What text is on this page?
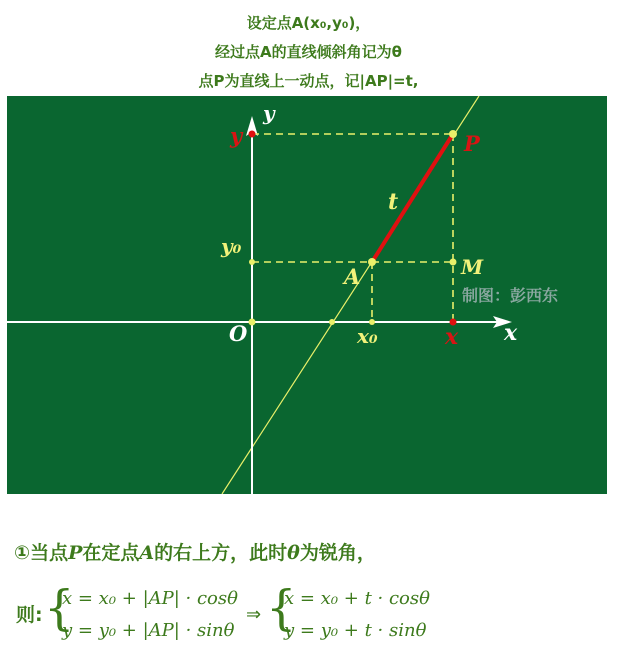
设定点A(x₀,y₀)，
经过点A的直线倾斜角记为θ
点P为直线上一动点，记|AP|=t,
y
x
O
y
y₀
x₀	x
A
P
M
t
制图：彭西东
①当点P在定点A的右上方，此时θ为锐角，
则: {
x = x₀ + |AP| · cosθ
y = y₀ + |AP| · sinθ
⇒ {
x = x₀ + t · cosθ
y = y₀ + t · sinθ
